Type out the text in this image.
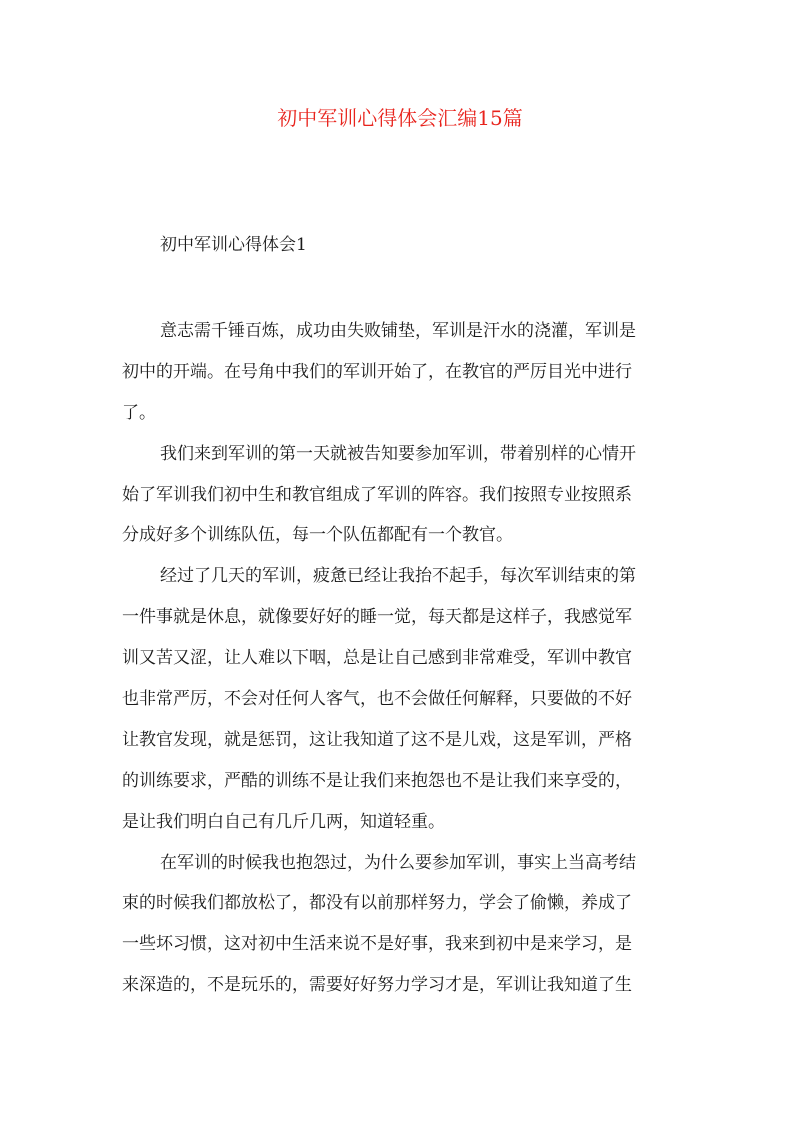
初中军训心得体会汇编15篇
初中军训心得体会1
意志需千锤百炼，成功由失败铺垫，军训是汗水的浇灌，军训是
初中的开端。在号角中我们的军训开始了，在教官的严厉目光中进行
了。
我们来到军训的第一天就被告知要参加军训，带着别样的心情开
始了军训我们初中生和教官组成了军训的阵容。我们按照专业按照系
分成好多个训练队伍，每一个队伍都配有一个教官。
经过了几天的军训，疲惫已经让我抬不起手，每次军训结束的第
一件事就是休息，就像要好好的睡一觉，每天都是这样子，我感觉军
训又苦又涩，让人难以下咽，总是让自己感到非常难受，军训中教官
也非常严厉，不会对任何人客气，也不会做任何解释，只要做的不好
让教官发现，就是惩罚，这让我知道了这不是儿戏，这是军训，严格
的训练要求，严酷的训练不是让我们来抱怨也不是让我们来享受的，
是让我们明白自己有几斤几两，知道轻重。
在军训的时候我也抱怨过，为什么要参加军训，事实上当高考结
束的时候我们都放松了，都没有以前那样努力，学会了偷懒，养成了
一些坏习惯，这对初中生活来说不是好事，我来到初中是来学习，是
来深造的，不是玩乐的，需要好好努力学习才是，军训让我知道了生
